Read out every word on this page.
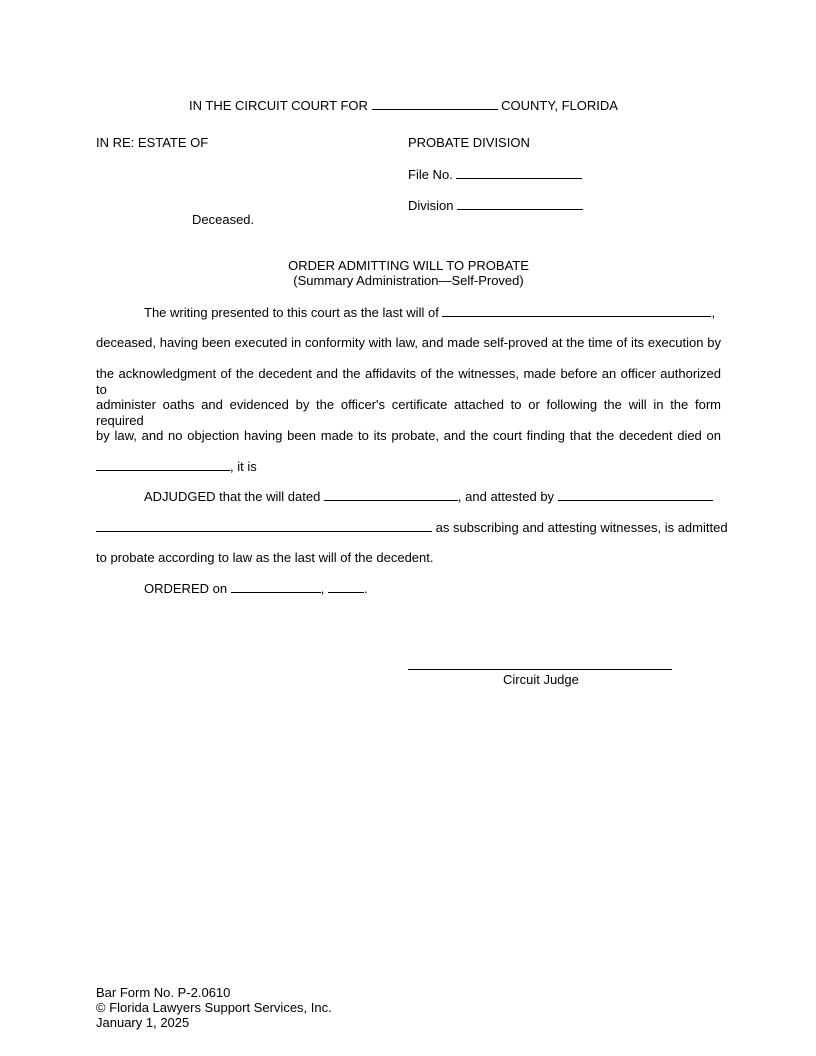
IN THE CIRCUIT COURT FOR	COUNTY, FLORIDA
IN RE: ESTATE OF	PROBATE DIVISION
File No.
Division
Deceased.
ORDER ADMITTING WILL TO PROBATE
(Summary Administration—Self-Proved)
The writing presented to this court as the last will of	,
deceased, having been executed in conformity with law, and made self-proved at the time of its execution by
the acknowledgment of the decedent and the affidavits of the witnesses, made before an officer authorized to
administer oaths and evidenced by the officer's certificate attached to or following the will in the form required
by law, and no objection having been made to its probate, and the court finding that the decedent died on
, it is
ADJUDGED that the will dated	, and attested by
as subscribing and attesting witnesses, is admitted
to probate according to law as the last will of the decedent.
ORDERED on	,	.
Circuit Judge
Bar Form No. P-2.0610
© Florida Lawyers Support Services, Inc.
January 1, 2025
